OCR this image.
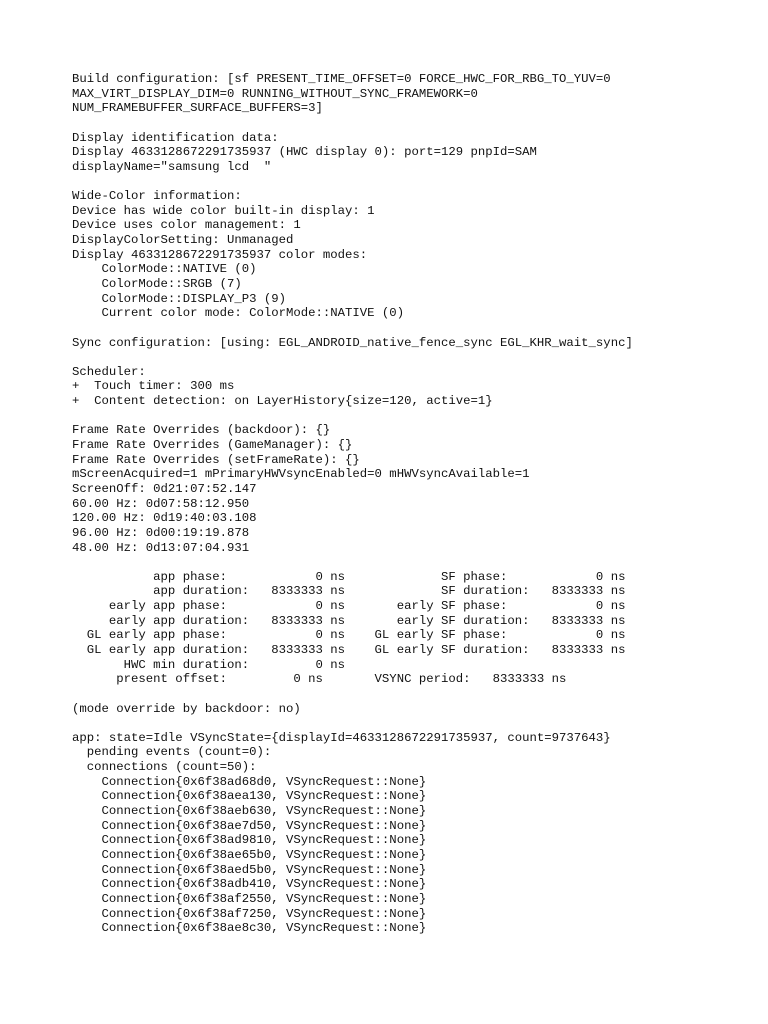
Build configuration: [sf PRESENT_TIME_OFFSET=0 FORCE_HWC_FOR_RBG_TO_YUV=0
MAX_VIRT_DISPLAY_DIM=0 RUNNING_WITHOUT_SYNC_FRAMEWORK=0
NUM_FRAMEBUFFER_SURFACE_BUFFERS=3]
Display identification data:
Display 4633128672291735937 (HWC display 0): port=129 pnpId=SAM
displayName="samsung lcd  "
Wide-Color information:
Device has wide color built-in display: 1
Device uses color management: 1
DisplayColorSetting: Unmanaged
Display 4633128672291735937 color modes:
ColorMode::NATIVE (0)
ColorMode::SRGB (7)
ColorMode::DISPLAY_P3 (9)
Current color mode: ColorMode::NATIVE (0)
Sync configuration: [using: EGL_ANDROID_native_fence_sync EGL_KHR_wait_sync]
Scheduler:
+  Touch timer: 300 ms
+  Content detection: on LayerHistory{size=120, active=1}
Frame Rate Overrides (backdoor): {}
Frame Rate Overrides (GameManager): {}
Frame Rate Overrides (setFrameRate): {}
mScreenAcquired=1 mPrimaryHWVsyncEnabled=0 mHWVsyncAvailable=1
ScreenOff: 0d21:07:52.147
60.00 Hz: 0d07:58:12.950
120.00 Hz: 0d19:40:03.108
96.00 Hz: 0d00:19:19.878
48.00 Hz: 0d13:07:04.931
app phase:            0 ns             SF phase:            0 ns
app duration:   8333333 ns             SF duration:   8333333 ns
early app phase:            0 ns       early SF phase:            0 ns
early app duration:   8333333 ns       early SF duration:   8333333 ns
GL early app phase:            0 ns    GL early SF phase:            0 ns
GL early app duration:   8333333 ns    GL early SF duration:   8333333 ns
HWC min duration:         0 ns
present offset:         0 ns       VSYNC period:   8333333 ns
(mode override by backdoor: no)
app: state=Idle VSyncState={displayId=4633128672291735937, count=9737643}
pending events (count=0):
connections (count=50):
Connection{0x6f38ad68d0, VSyncRequest::None}
Connection{0x6f38aea130, VSyncRequest::None}
Connection{0x6f38aeb630, VSyncRequest::None}
Connection{0x6f38ae7d50, VSyncRequest::None}
Connection{0x6f38ad9810, VSyncRequest::None}
Connection{0x6f38ae65b0, VSyncRequest::None}
Connection{0x6f38aed5b0, VSyncRequest::None}
Connection{0x6f38adb410, VSyncRequest::None}
Connection{0x6f38af2550, VSyncRequest::None}
Connection{0x6f38af7250, VSyncRequest::None}
Connection{0x6f38ae8c30, VSyncRequest::None}
